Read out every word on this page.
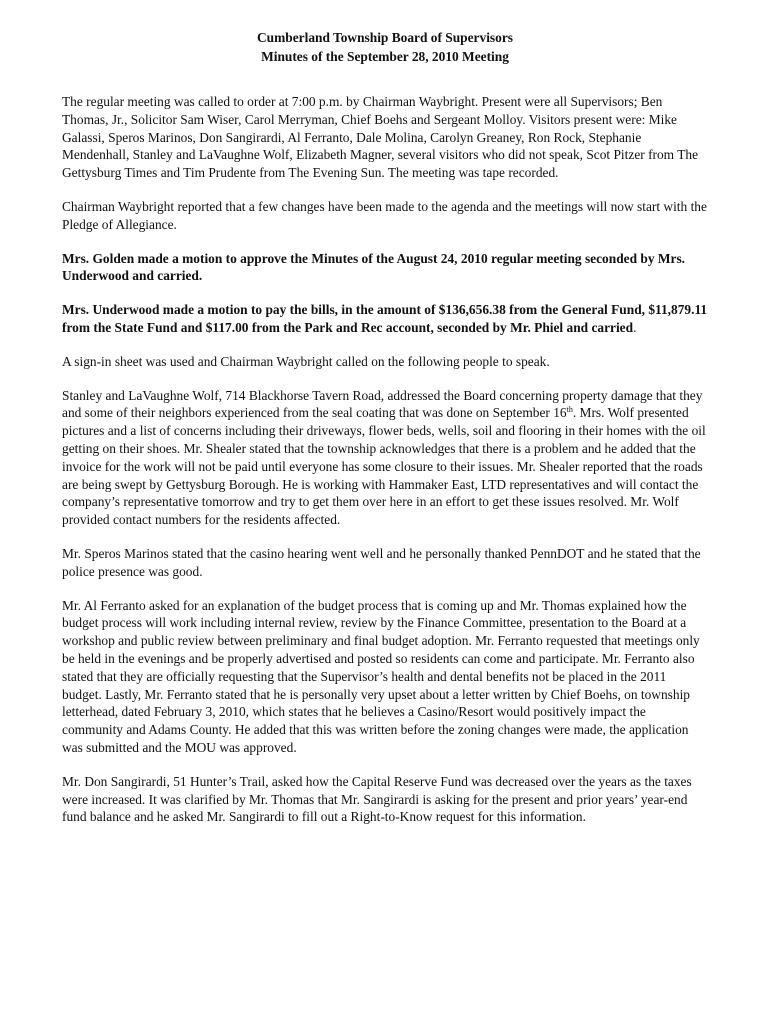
Cumberland Township Board of Supervisors
Minutes of the September 28, 2010 Meeting

The regular meeting was called to order at 7:00 p.m. by Chairman Waybright. Present were all Supervisors; Ben Thomas, Jr., Solicitor Sam Wiser, Carol Merryman, Chief Boehs and Sergeant Molloy. Visitors present were: Mike Galassi, Speros Marinos, Don Sangirardi, Al Ferranto, Dale Molina, Carolyn Greaney, Ron Rock, Stephanie Mendenhall, Stanley and LaVaughne Wolf, Elizabeth Magner, several visitors who did not speak, Scot Pitzer from The Gettysburg Times and Tim Prudente from The Evening Sun. The meeting was tape recorded.

Chairman Waybright reported that a few changes have been made to the agenda and the meetings will now start with the Pledge of Allegiance.

Mrs. Golden made a motion to approve the Minutes of the August 24, 2010 regular meeting seconded by Mrs. Underwood and carried.

Mrs. Underwood made a motion to pay the bills, in the amount of $136,656.38 from the General Fund, $11,879.11 from the State Fund and $117.00 from the Park and Rec account, seconded by Mr. Phiel and carried.

A sign-in sheet was used and Chairman Waybright called on the following people to speak.

Stanley and LaVaughne Wolf, 714 Blackhorse Tavern Road, addressed the Board concerning property damage that they and some of their neighbors experienced from the seal coating that was done on September 16th. Mrs. Wolf presented pictures and a list of concerns including their driveways, flower beds, wells, soil and flooring in their homes with the oil getting on their shoes. Mr. Shealer stated that the township acknowledges that there is a problem and he added that the invoice for the work will not be paid until everyone has some closure to their issues. Mr. Shealer reported that the roads are being swept by Gettysburg Borough. He is working with Hammaker East, LTD representatives and will contact the company’s representative tomorrow and try to get them over here in an effort to get these issues resolved. Mr. Wolf provided contact numbers for the residents affected.

Mr. Speros Marinos stated that the casino hearing went well and he personally thanked PennDOT and he stated that the police presence was good.

Mr. Al Ferranto asked for an explanation of the budget process that is coming up and Mr. Thomas explained how the budget process will work including internal review, review by the Finance Committee, presentation to the Board at a workshop and public review between preliminary and final budget adoption. Mr. Ferranto requested that meetings only be held in the evenings and be properly advertised and posted so residents can come and participate. Mr. Ferranto also stated that they are officially requesting that the Supervisor’s health and dental benefits not be placed in the 2011 budget. Lastly, Mr. Ferranto stated that he is personally very upset about a letter written by Chief Boehs, on township letterhead, dated February 3, 2010, which states that he believes a Casino/Resort would positively impact the community and Adams County. He added that this was written before the zoning changes were made, the application was submitted and the MOU was approved.

Mr. Don Sangirardi, 51 Hunter’s Trail, asked how the Capital Reserve Fund was decreased over the years as the taxes were increased. It was clarified by Mr. Thomas that Mr. Sangirardi is asking for the present and prior years’ year-end fund balance and he asked Mr. Sangirardi to fill out a Right-to-Know request for this information.
